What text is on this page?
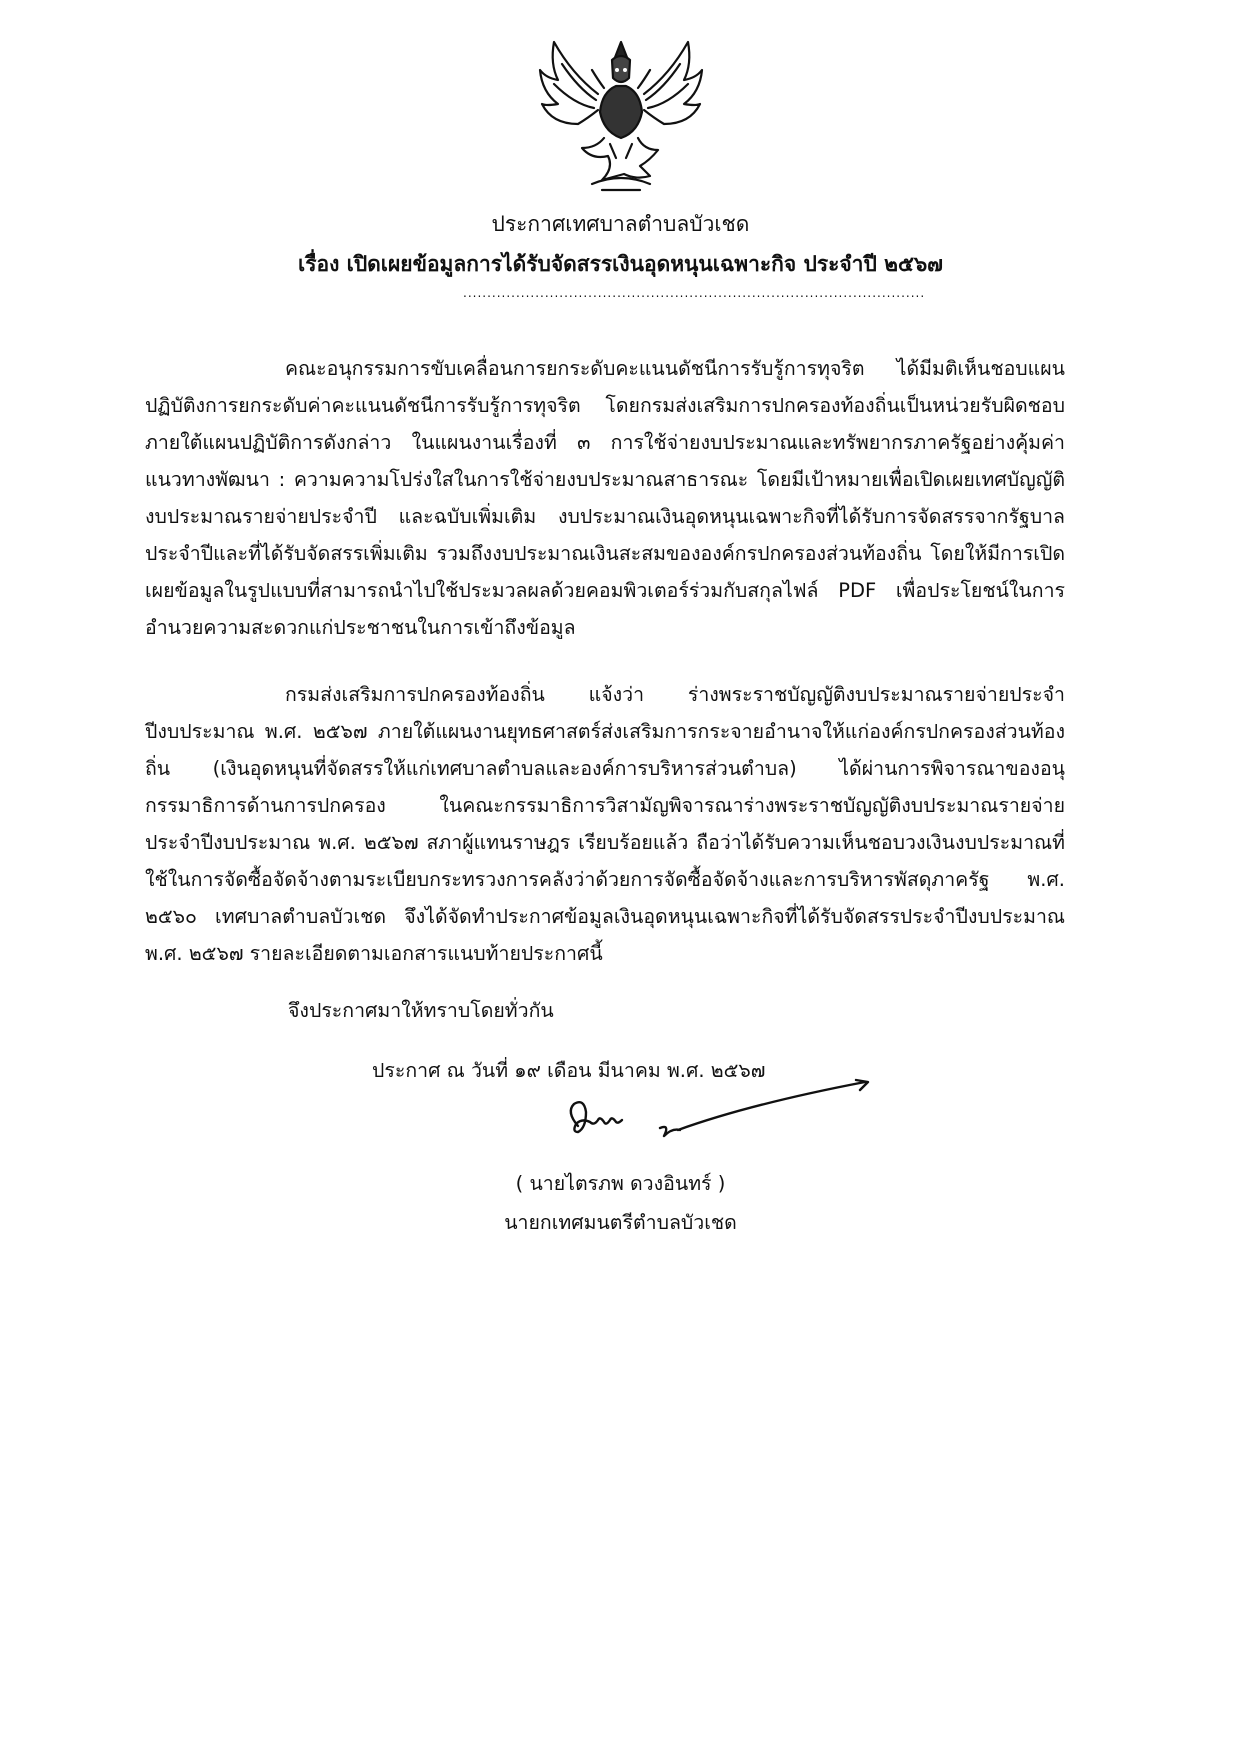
ประกาศเทศบาลตำบลบัวเชด
เรื่อง เปิดเผยข้อมูลการได้รับจัดสรรเงินอุดหนุนเฉพาะกิจ ประจำปี ๒๕๖๗
................................................................................................

คณะอนุกรรมการขับเคลื่อนการยกระดับคะแนนดัชนีการรับรู้การทุจริต ได้มีมติเห็นชอบแผนปฏิบัติงการยกระดับค่าคะแนนดัชนีการรับรู้การทุจริต โดยกรมส่งเสริมการปกครองท้องถิ่นเป็นหน่วยรับผิดชอบภายใต้แผนปฏิบัติการดังกล่าว ในแผนงานเรื่องที่ ๓ การใช้จ่ายงบประมาณและทรัพยากรภาครัฐอย่างคุ้มค่า แนวทางพัฒนา : ความความโปร่งใสในการใช้จ่ายงบประมาณสาธารณะ โดยมีเป้าหมายเพื่อเปิดเผยเทศบัญญัติงบประมาณรายจ่ายประจำปี และฉบับเพิ่มเติม งบประมาณเงินอุดหนุนเฉพาะกิจที่ได้รับการจัดสรรจากรัฐบาลประจำปีและที่ได้รับจัดสรรเพิ่มเติม รวมถึงงบประมาณเงินสะสมขององค์กรปกครองส่วนท้องถิ่น โดยให้มีการเปิดเผยข้อมูลในรูปแบบที่สามารถนำไปใช้ประมวลผลด้วยคอมพิวเตอร์ร่วมกับสกุลไฟล์ PDF เพื่อประโยชน์ในการอำนวยความสะดวกแก่ประชาชนในการเข้าถึงข้อมูล

กรมส่งเสริมการปกครองท้องถิ่น แจ้งว่า ร่างพระราชบัญญัติงบประมาณรายจ่ายประจำปีงบประมาณ พ.ศ. ๒๕๖๗ ภายใต้แผนงานยุทธศาสตร์ส่งเสริมการกระจายอำนาจให้แก่องค์กรปกครองส่วนท้องถิ่น (เงินอุดหนุนที่จัดสรรให้แก่เทศบาลตำบลและองค์การบริหารส่วนตำบล) ได้ผ่านการพิจารณาของอนุกรรมาธิการด้านการปกครอง ในคณะกรรมาธิการวิสามัญพิจารณาร่างพระราชบัญญัติงบประมาณรายจ่ายประจำปีงบประมาณ พ.ศ. ๒๕๖๗ สภาผู้แทนราษฎร เรียบร้อยแล้ว ถือว่าได้รับความเห็นชอบวงเงินงบประมาณที่ใช้ในการจัดซื้อจัดจ้างตามระเบียบกระทรวงการคลังว่าด้วยการจัดซื้อจัดจ้างและการบริหารพัสดุภาครัฐ พ.ศ. ๒๕๖๐ เทศบาลตำบลบัวเชด จึงได้จัดทำประกาศข้อมูลเงินอุดหนุนเฉพาะกิจที่ได้รับจัดสรรประจำปีงบประมาณ พ.ศ. ๒๕๖๗ รายละเอียดตามเอกสารแนบท้ายประกาศนี้

จึงประกาศมาให้ทราบโดยทั่วกัน
ประกาศ ณ วันที่ ๑๙ เดือน มีนาคม พ.ศ. ๒๕๖๗
( นายไตรภพ ดวงอินทร์ )
นายกเทศมนตรีตำบลบัวเชด
